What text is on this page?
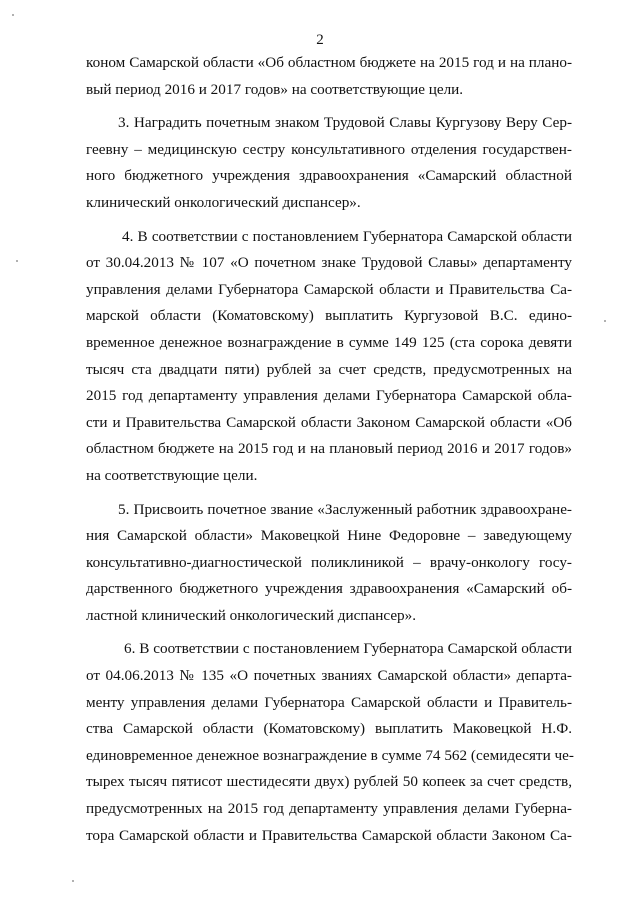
2
коном Самарской области «Об областном бюджете на 2015 год и на плано-
вый период 2016 и 2017 годов» на соответствующие цели.
3. Наградить почетным знаком Трудовой Славы Кургузову Веру Сер-
геевну – медицинскую сестру консультативного отделения государствен-
ного бюджетного учреждения здравоохранения «Самарский областной
клинический онкологический диспансер».
4. В соответствии с постановлением Губернатора Самарской области
от 30.04.2013 № 107 «О почетном знаке Трудовой Славы» департаменту
управления делами Губернатора Самарской области и Правительства Са-
марской области (Коматовскому) выплатить Кургузовой В.С. едино-
временное денежное вознаграждение в сумме 149 125 (ста сорока девяти
тысяч ста двадцати пяти) рублей за счет средств, предусмотренных на
2015 год департаменту управления делами Губернатора Самарской обла-
сти и Правительства Самарской области Законом Самарской области «Об
областном бюджете на 2015 год и на плановый период 2016 и 2017 годов»
на соответствующие цели.
5. Присвоить почетное звание «Заслуженный работник здравоохране-
ния Самарской области» Маковецкой Нине Федоровне – заведующему
консультативно-диагностической поликлиникой – врачу-онкологу госу-
дарственного бюджетного учреждения здравоохранения «Самарский об-
ластной клинический онкологический диспансер».
6. В соответствии с постановлением Губернатора Самарской области
от 04.06.2013 № 135 «О почетных званиях Самарской области» департа-
менту управления делами Губернатора Самарской области и Правитель-
ства Самарской области (Коматовскому) выплатить Маковецкой Н.Ф.
единовременное денежное вознаграждение в сумме 74 562 (семидесяти че-
тырех тысяч пятисот шестидесяти двух) рублей 50 копеек за счет средств,
предусмотренных на 2015 год департаменту управления делами Губерна-
тора Самарской области и Правительства Самарской области Законом Са-
